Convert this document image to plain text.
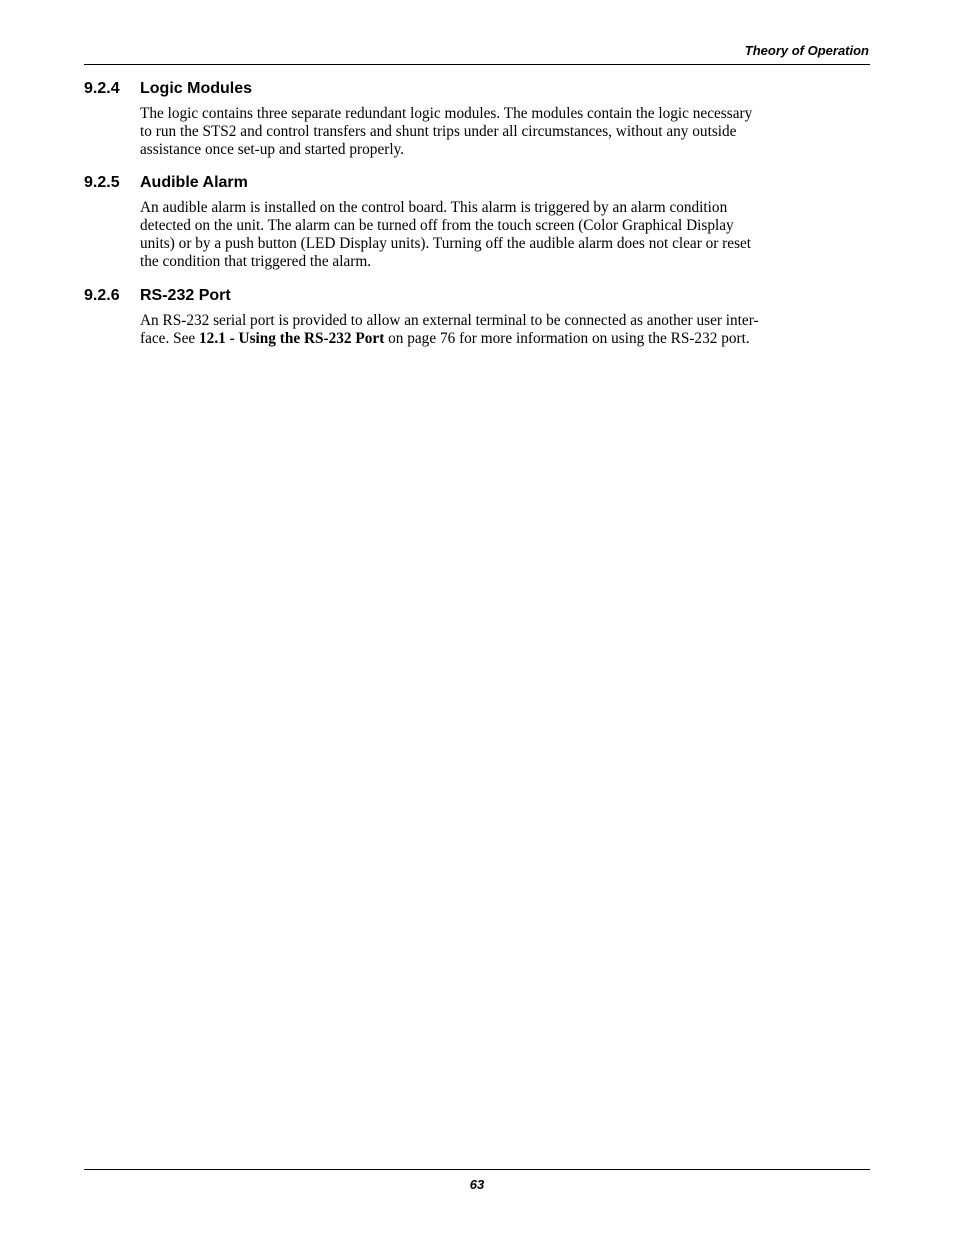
Theory of Operation
9.2.4	Logic Modules

The logic contains three separate redundant logic modules. The modules contain the logic necessary
to run the STS2 and control transfers and shunt trips under all circumstances, without any outside
assistance once set-up and started properly.

9.2.5	Audible Alarm

An audible alarm is installed on the control board. This alarm is triggered by an alarm condition
detected on the unit. The alarm can be turned off from the touch screen (Color Graphical Display
units) or by a push button (LED Display units). Turning off the audible alarm does not clear or reset
the condition that triggered the alarm.

9.2.6	RS-232 Port

An RS-232 serial port is provided to allow an external terminal to be connected as another user inter-
face. See 12.1 - Using the RS-232 Port on page 76 for more information on using the RS-232 port.

63
